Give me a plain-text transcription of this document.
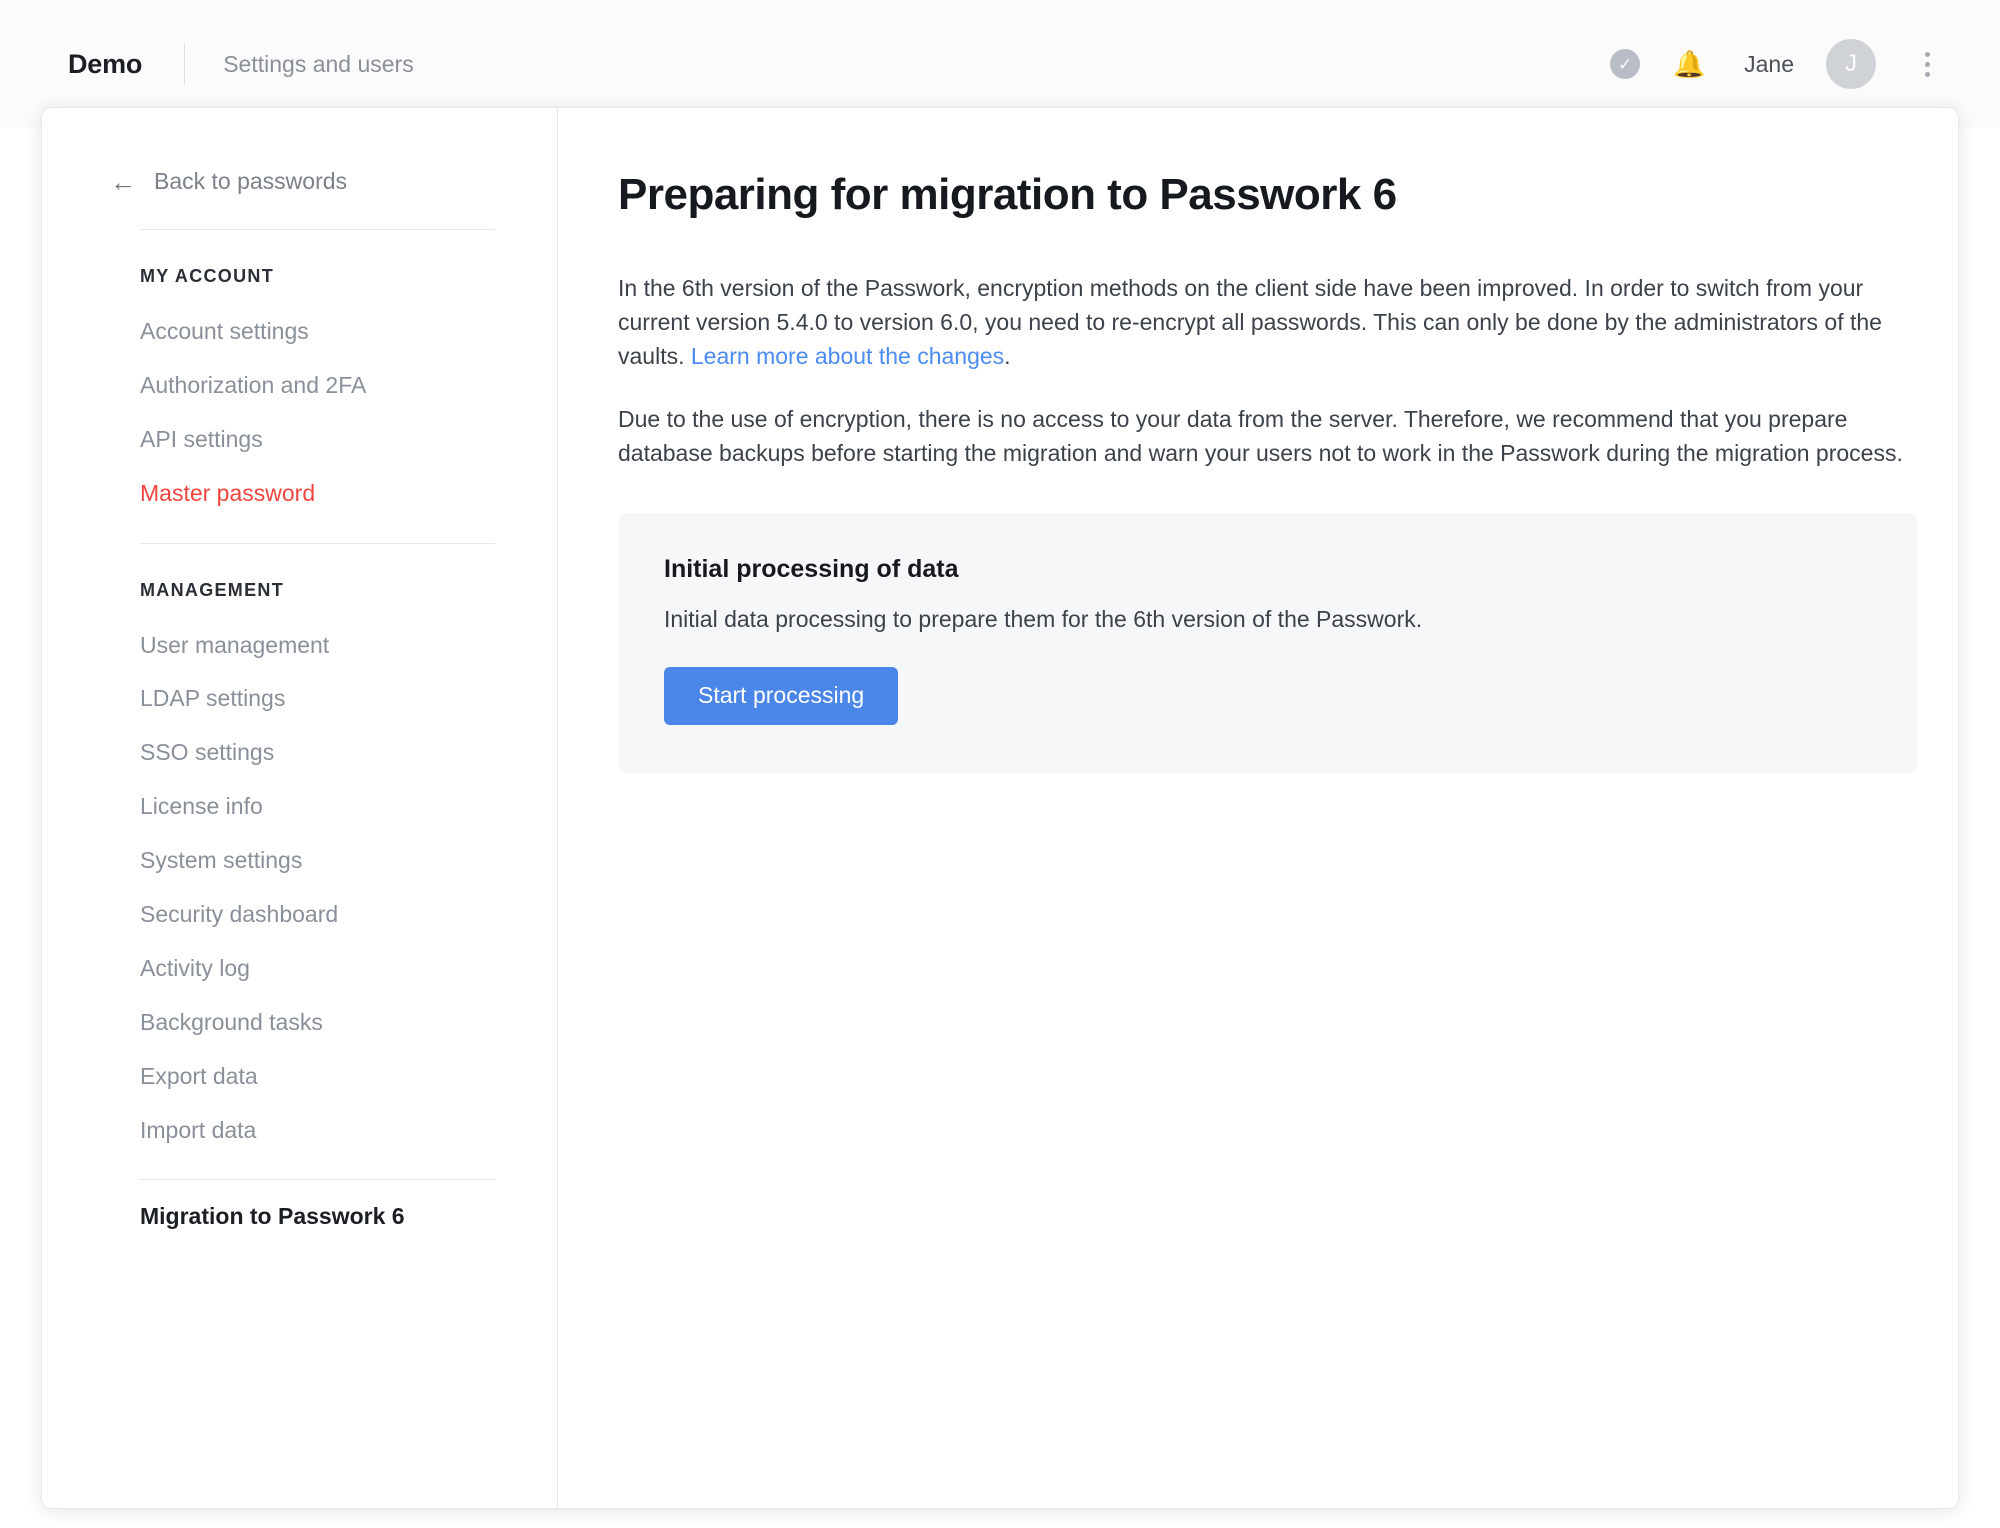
Demo	Settings and users	✓	🔔 Jane	J
← Back to passwords
MY ACCOUNT
Account settings
Authorization and 2FA
API settings
Master password
MANAGEMENT
User management
LDAP settings
SSO settings
License info
System settings
Security dashboard
Activity log
Background tasks
Export data
Import data
Migration to Passwork 6
Preparing for migration to Passwork 6

In the 6th version of the Passwork, encryption methods on the client side have been improved. In order to switch from your current version 5.4.0 to version 6.0, you need to re-encrypt all passwords. This can only be done by the administrators of the vaults. Learn more about the changes.

Due to the use of encryption, there is no access to your data from the server. Therefore, we recommend that you prepare database backups before starting the migration and warn your users not to work in the Passwork during the migration process.

Initial processing of data
Initial data processing to prepare them for the 6th version of the Passwork.
Start processing
